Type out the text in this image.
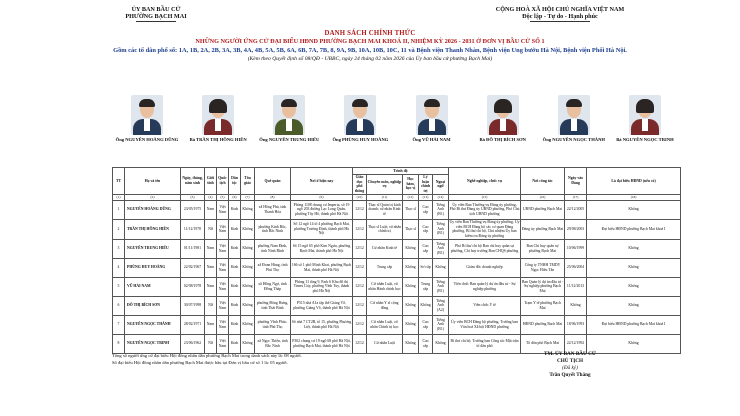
ỦY BAN BẦU CỬ
PHƯỜNG BẠCH MAI
CỘNG HOÀ XÃ HỘI CHỦ NGHĨA VIỆT NAM
Độc lập - Tự do - Hạnh phúc
DANH SÁCH CHÍNH THỨC
NHỮNG NGƯỜI ỨNG CỬ ĐẠI BIỂU HĐND PHƯỜNG BẠCH MAI KHOÁ II, NHIỆM KỲ 2026 - 2031 Ở ĐƠN VỊ BẦU CỬ SỐ 1
Gồm các tổ dân phố số: 1A, 1B, 2A, 2B, 3A, 3B, 4A, 4B, 5A, 5B, 6A, 6B, 7A, 7B, 8, 9A, 9B, 10A, 10B, 10C, 11 và Bệnh viện Thanh Nhàn, Bệnh viện Ung bướu Hà Nội, Bệnh viện Phổi Hà Nội.
(Kèm theo Quyết định số 08/QĐ - UBBC, ngày 24 tháng 02 năm 2026 của Ủy ban bầu cử phường Bạch Mai)
Ông NGUYỄN HOÀNG DŨNG	Bà TRẦN THỊ HỒNG HIÊN	Ông NGUYỄN TRUNG HIẾU	Ông PHÙNG HUY HOÀNG	Ông VŨ HẢI NAM	Bà ĐỖ THỊ BÍCH SƠN	Ông NGUYỄN NGỌC THÀNH	Bà NGUYỄN NGỌC TRINH
TT	Họ và tên	Ngày, tháng, năm sinh	Giới tính	Quốc tịch	Dân tộc	Tôn giáo	Quê quán	Nơi ở hiện nay	Trình độ					Nghề nghiệp, chức vụ	Nơi công tác	Ngày vào Đảng	Là đại biểu HĐND (nếu có)
									Giáo dục phổ thông	Chuyên môn, nghiệp vụ	Học hàm, học vị	Lý luận chính trị	Ngoại ngữ				
(1)	(2)	(3)	(4)	(5)	(6)	(7)	(8)	(9)	(10)	(11)	(12)	(13)	(14)	(15)	(16)	(17)	(18)
1	NGUYỄN HOÀNG DŨNG	23/05/1975	Nam	Việt Nam	Kinh	Không	xã Hồng Phú, tỉnh Thanh Hóa	Phòng 1108 chung cư Imperia, số 19 ngõ 203 đường Lạc Long Quân, phường Tây Hồ, thành phố Hà Nội	12/12	Thạc sĩ Quản trị kinh doanh; cử nhân Kinh tế	Thạc sĩ	Cao cấp	Tiếng Anh (B1)	Ủy viên Ban Thường vụ Đảng ủy phường, Phó Bí thư Đảng ủy UBND phường, Phó Chủ tịch UBND phường	UBND phường Bạch Mai	22/12/2005	Không
2	TRẦN THỊ HỒNG HIÊN	11/12/1978	Nữ	Việt Nam	Kinh	Không	phường Kinh Bắc, tỉnh Bắc Ninh	Số 12 ngõ 14 tổ 4 phường Bạch Mai, phường Trương Định, thành phố Hà Nội	12/12	Thạc sĩ Luật; cử nhân chính trị	Thạc sĩ	Cao cấp	Tiếng Anh (B1)	Ủy viên Ban Thường vụ Đảng ủy phường, Ủy viên BCH Đảng bộ các cơ quan Đảng phường, Bí thư chi bộ, Chủ nhiệm Ủy ban kiểm tra Đảng ủy phường	Đảng ủy phường Bạch Mai	29/08/2003	Đại biểu HĐND phường Bạch Mai khoá I
3	NGUYỄN TRUNG HIẾU	01/11/1981	Nam	Việt Nam	Kinh	Không	phường Nam Định, tỉnh Ninh Bình	Số 15 ngõ 65 phố Kim Ngưu, phường Bạch Mai, thành phố Hà Nội	12/12	Cử nhân Kinh tế	Không	Cao cấp	Tiếng Anh (B1)	Phó Bí thư chi bộ Ban chỉ huy quân sự phường, Chỉ huy trưởng Ban CHQS phường	Ban Chỉ huy quân sự phường Bạch Mai	10/06/1999	Không
4	PHÙNG HUY HOÀNG	22/02/1967	Nam	Việt Nam	Kinh	Không	xã Đoan Hùng, tỉnh Phú Thọ	166 số 1 phố Minh Khai, phường Bạch Mai, thành phố Hà Nội	12/12	Trung cấp	Không	Sơ cấp	Không	Giám đốc doanh nghiệp	Công ty TNHH TMDV Ngọc Hiếu Tân	25/06/2004	Không
5	VŨ HẢI NAM	02/08/1978	Nam	Việt Nam	Kinh	Không	xã Hồng Ngự, tỉnh Đồng Tháp	Phòng 11 tầng 9, Park 6 Khu đô thị Times City, phường Vĩnh Tuy, thành phố Hà Nội	12/12	Cử nhân Luật, cử nhân Hành chính học	Không	Trung cấp	Tiếng Anh (B1)	Viện chức Ban quản lý dự án đầu tư - Sự nghiệp phường	Ban Quản lý dự án đầu tư - Sự nghiệp phường Bạch Mai	11/12/2013	Không
6	ĐỖ THỊ BÍCH SƠN	30/07/1998	Nữ	Việt Nam	Kinh	Không	phường Đông Hưng, tỉnh Thái Bình	P515 nhà A1a tập thể Giảng Võ, phường Giảng Võ, thành phố Hà Nội	12/12	Cử nhân Y sĩ cộng đồng	Không	Không	Tiếng Anh (A2)	Viên chức Y tế	Trạm Y tế phường Bạch Mai	Không	Không
7	NGUYỄN NGỌC THÀNH	28/02/1971	Nam	Việt Nam	Kinh	Không	phường Vĩnh Phúc, tỉnh Phú Thọ	Số nhà 7 CT2B, tổ 15, phường Phương Liệt, thành phố Hà Nội	12/12	Cử nhân Luật, cử nhân Chính trị học	Không	Cao cấp	Tiếng Anh (B1)	Ủy viên BCH Đảng bộ phường, Trưởng ban Văn hoá Xã hội HĐND phường	HĐND phường Bạch Mai	18/06/1993	Đại biểu HĐND phường Bạch Mai khoá I
8	NGUYỄN NGỌC TRINH	23/06/1962	Nữ	Việt Nam	Kinh	Không	xã Ngọc Thiện, tỉnh Bắc Ninh	P302 chung cư 19 ngõ 68 phố Hà Nội, phường Bạch Mai, thành phố Hà Nội	12/12	Cử nhân Luật	Không	Cao cấp	Không	Bí thư chi bộ, Trưởng ban Công tác Mặt trận tổ dân phố	Tổ dân phố Bạch Mai	22/12/1992	Không
Tổng số người ứng cử đại biểu Hội đồng nhân dân phường Bạch Mai trong danh sách này là: 08 người.
Số đại biểu Hội đồng nhân dân phường Bạch Mai được bầu tại Đơn vị bầu cử số 1 là: 05 người.
TM. ỦY BAN BẦU CỬ
CHỦ TỊCH
(Đã ký)
Trần Quyết Thắng
